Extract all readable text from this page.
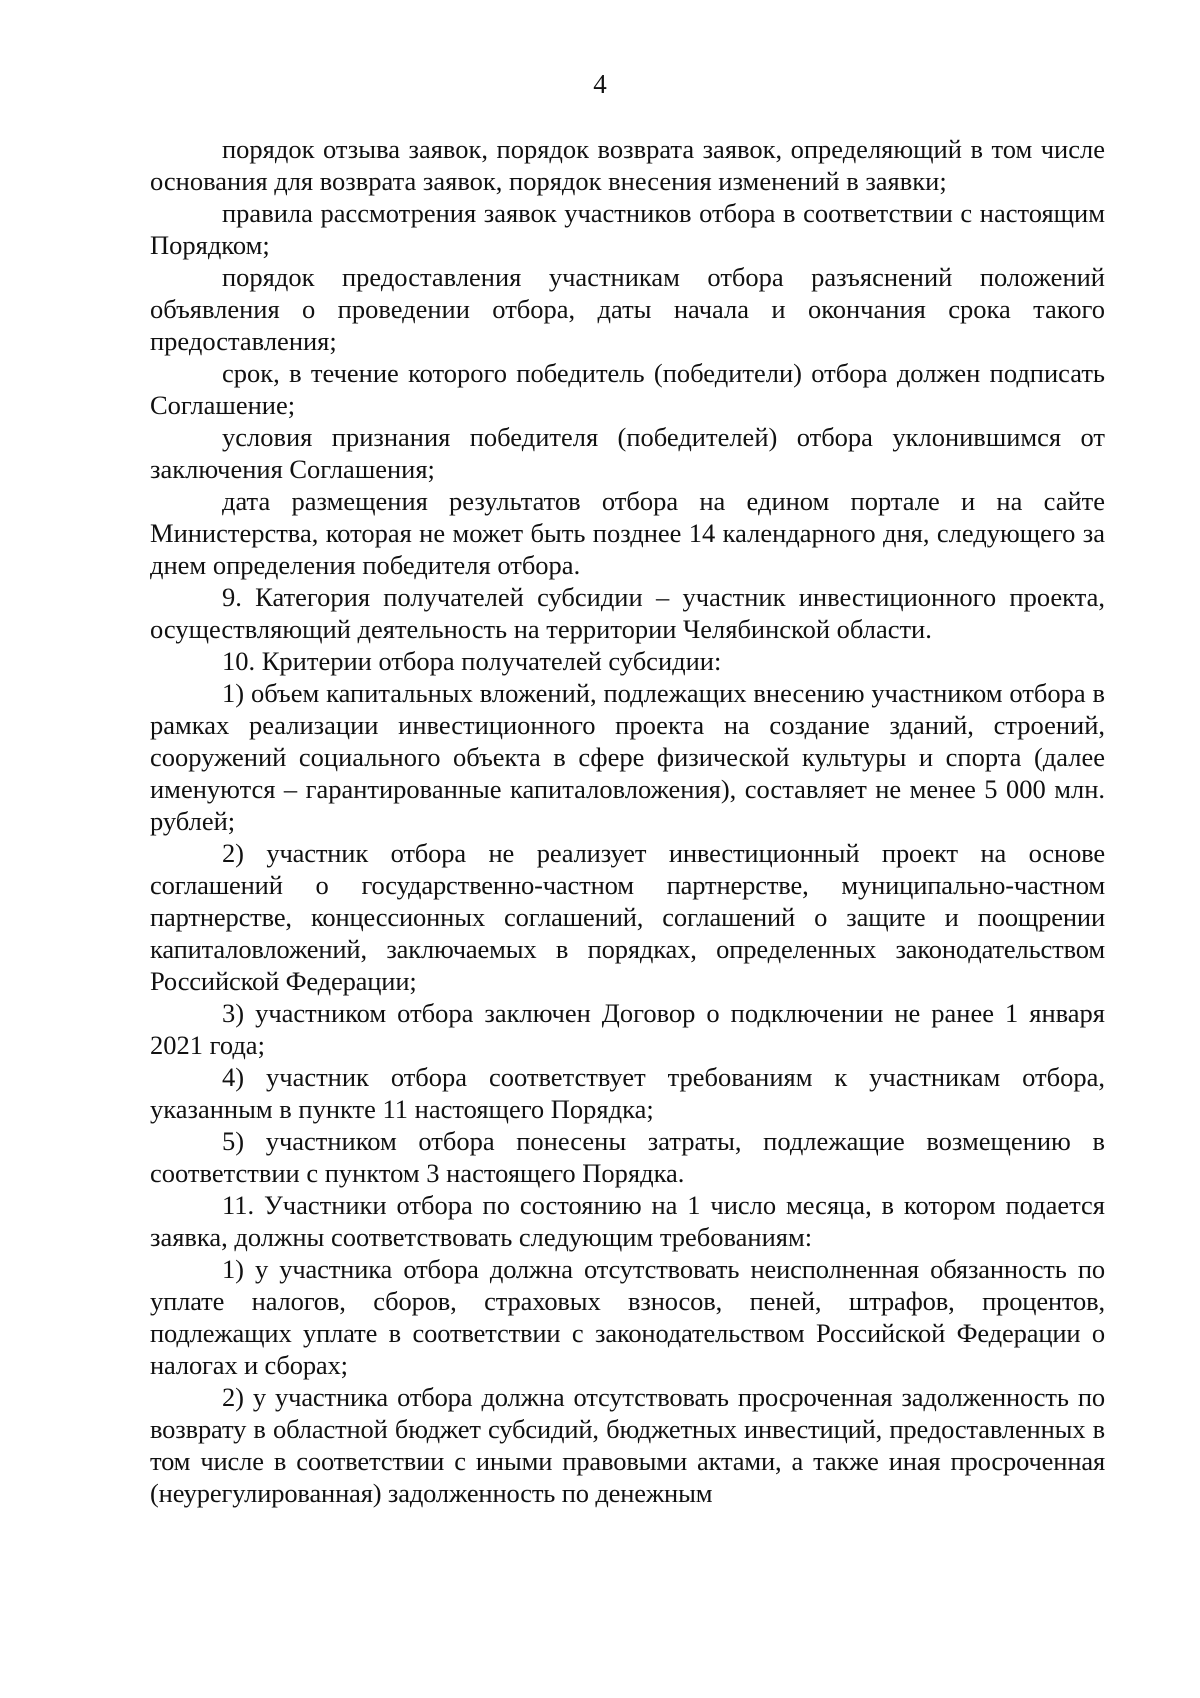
4

порядок отзыва заявок, порядок возврата заявок, определяющий в том числе основания для возврата заявок, порядок внесения изменений в заявки;

правила рассмотрения заявок участников отбора в соответствии с настоящим Порядком;

порядок предоставления участникам отбора разъяснений положений объявления о проведении отбора, даты начала и окончания срока такого предоставления;

срок, в течение которого победитель (победители) отбора должен подписать Соглашение;

условия признания победителя (победителей) отбора уклонившимся от заключения Соглашения;

дата размещения результатов отбора на едином портале и на сайте Министерства, которая не может быть позднее 14 календарного дня, следующего за днем определения победителя отбора.

9. Категория получателей субсидии – участник инвестиционного проекта, осуществляющий деятельность на территории Челябинской области.

10. Критерии отбора получателей субсидии:

1) объем капитальных вложений, подлежащих внесению участником отбора в рамках реализации инвестиционного проекта на создание зданий, строений, сооружений социального объекта в сфере физической культуры и спорта (далее именуются – гарантированные капиталовложения), составляет не менее 5 000 млн. рублей;

2) участник отбора не реализует инвестиционный проект на основе соглашений о государственно-частном партнерстве, муниципально-частном партнерстве, концессионных соглашений, соглашений о защите и поощрении капиталовложений, заключаемых в порядках, определенных законодательством Российской Федерации;

3) участником отбора заключен Договор о подключении не ранее 1 января 2021 года;

4) участник отбора соответствует требованиям к участникам отбора, указанным в пункте 11 настоящего Порядка;

5) участником отбора понесены затраты, подлежащие возмещению в соответствии с пунктом 3 настоящего Порядка.

11. Участники отбора по состоянию на 1 число месяца, в котором подается заявка, должны соответствовать следующим требованиям:

1) у участника отбора должна отсутствовать неисполненная обязанность по уплате налогов, сборов, страховых взносов, пеней, штрафов, процентов, подлежащих уплате в соответствии с законодательством Российской Федерации о налогах и сборах;

2) у участника отбора должна отсутствовать просроченная задолженность по возврату в областной бюджет субсидий, бюджетных инвестиций, предоставленных в том числе в соответствии с иными правовыми актами, а также иная просроченная (неурегулированная) задолженность по денежным
